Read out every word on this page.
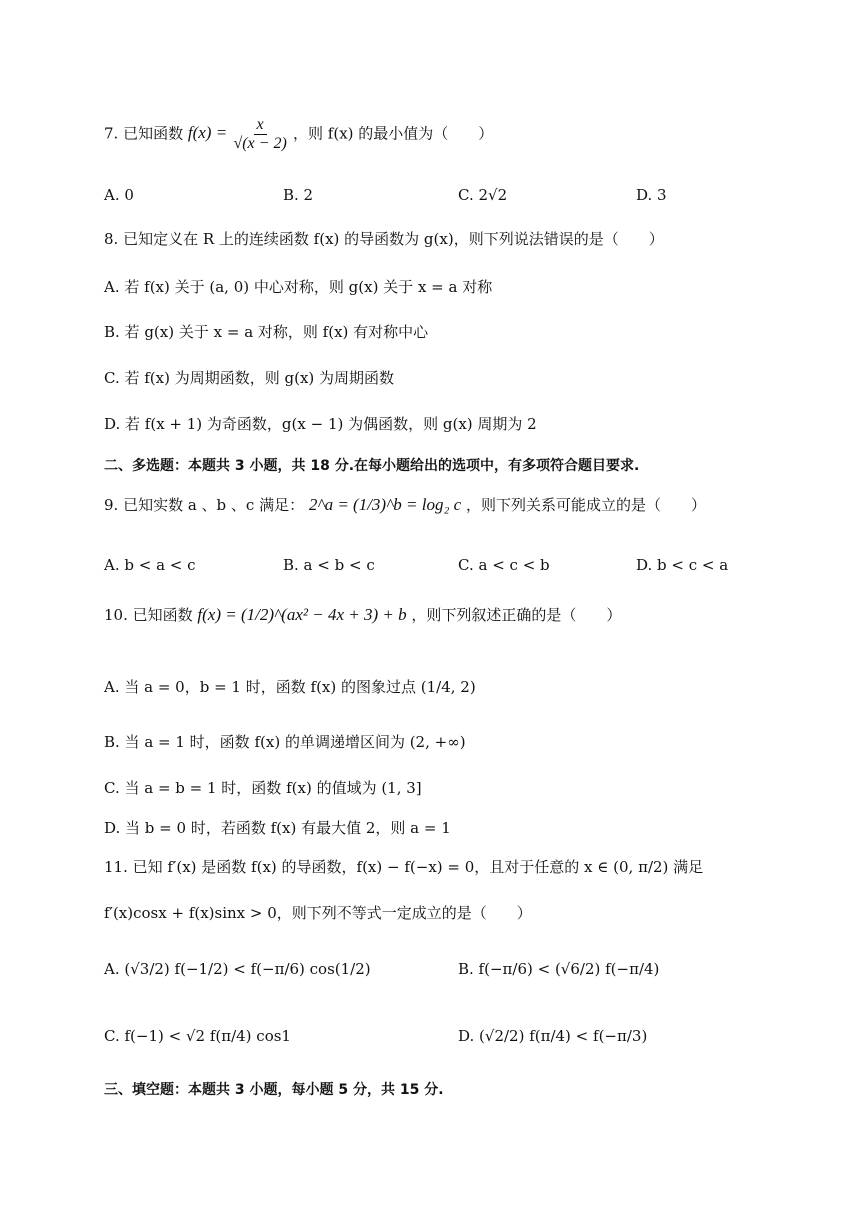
7. 已知函数 $f(x) = \frac{x}{√(x - 2)}$ ，则 f(x) 的最小值为（　　）
A. 0	B. 2	C. 2√2	D. 3
8. 已知定义在 R 上的连续函数 f(x) 的导函数为 g(x)，则下列说法错误的是（　　）
A. 若 f(x) 关于 (a, 0) 中心对称，则 g(x) 关于 x = a 对称
B. 若 g(x) 关于 x = a 对称，则 f(x) 有对称中心
C. 若 f(x) 为周期函数，则 g(x) 为周期函数
D. 若 f(x + 1) 为奇函数，g(x − 1) 为偶函数，则 g(x) 周期为 2
二、多选题：本题共 3 小题，共 18 分.在每小题给出的选项中，有多项符合题目要求.
9. 已知实数 a 、b 、c 满足： 2^a = (1/3)^b = log₂ c ，则下列关系可能成立的是（　　）
A. b < a < c	B. a < b < c	C. a < c < b	D. b < c < a
10. 已知函数 f(x) = (1/2)^(ax² − 4x + 3) + b ，则下列叙述正确的是（　　）
A. 当 a = 0，b = 1 时，函数 f(x) 的图象过点 (1/4, 2)
B. 当 a = 1 时，函数 f(x) 的单调递增区间为 (2, +∞)
C. 当 a = b = 1 时，函数 f(x) 的值域为 (1, 3]
D. 当 b = 0 时，若函数 f(x) 有最大值 2，则 a = 1
11. 已知 f′(x) 是函数 f(x) 的导函数，f(x) − f(−x) = 0，且对于任意的 x ∈ (0, π/2) 满足
f′(x)cosx + f(x)sinx > 0，则下列不等式一定成立的是（　　）
A. (√3/2) f(−1/2) < f(−π/6) cos(1/2)	B. f(−π/6) < (√6/2) f(−π/4)
C. f(−1) < √2 f(π/4) cos1	D. (√2/2) f(π/4) < f(−π/3)
三、填空题：本题共 3 小题，每小题 5 分，共 15 分.
